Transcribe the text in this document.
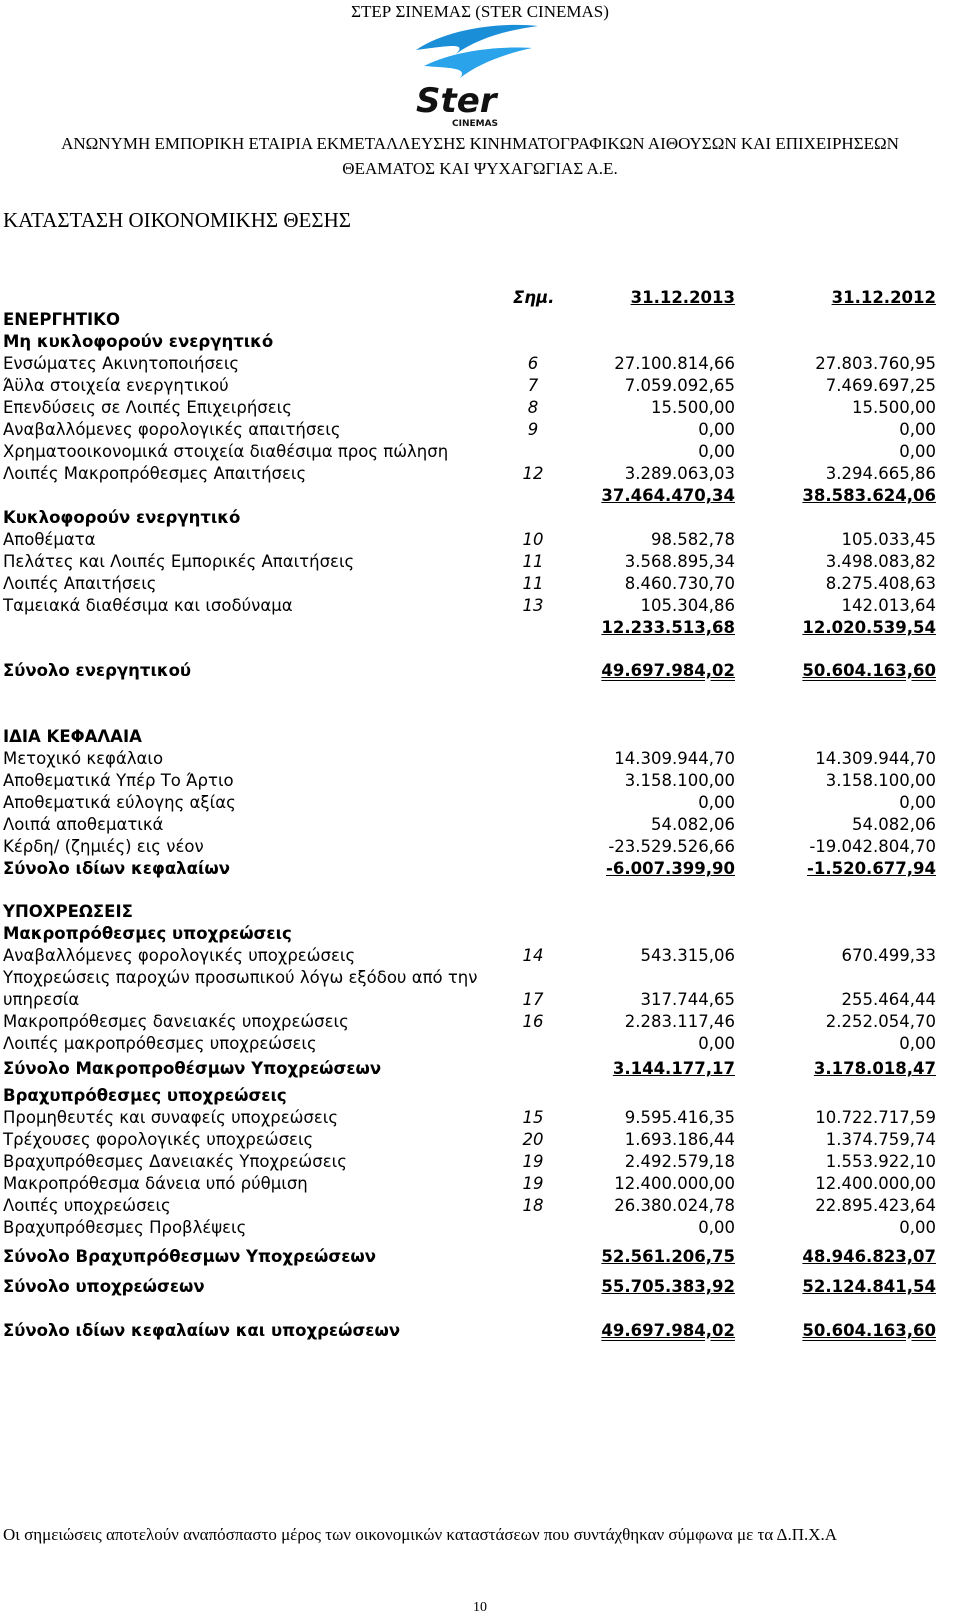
ΣΤΕΡ ΣΙΝΕΜΑΣ (STER CINEMAS)
Ster
CINEMAS
ΑΝΩΝΥΜΗ ΕΜΠΟΡΙΚΗ ΕΤΑΙΡΙΑ ΕΚΜΕΤΑΛΛΕΥΣΗΣ ΚΙΝΗΜΑΤΟΓΡΑΦΙΚΩΝ ΑΙΘΟΥΣΩΝ ΚΑΙ ΕΠΙΧΕΙΡΗΣΕΩΝ
ΘΕΑΜΑΤΟΣ ΚΑΙ ΨΥΧΑΓΩΓΙΑΣ Α.Ε.
ΚΑΤΑΣΤΑΣΗ ΟΙΚΟΝΟΜΙΚΗΣ ΘΕΣΗΣ
Σημ.	31.12.2013	31.12.2012
ΕΝΕΡΓΗΤΙΚΟ
Μη κυκλοφορούν ενεργητικό
Ενσώματες Ακινητοποιήσεις	6	27.100.814,66	27.803.760,95
Άϋλα στοιχεία ενεργητικού	7	7.059.092,65	7.469.697,25
Επενδύσεις σε Λοιπές Επιχειρήσεις	8	15.500,00	15.500,00
Αναβαλλόμενες φορολογικές απαιτήσεις	9	0,00	0,00
Χρηματοοικονομικά στοιχεία διαθέσιμα προς πώληση	0,00	0,00
Λοιπές Μακροπρόθεσμες Απαιτήσεις	12	3.289.063,03	3.294.665,86
37.464.470,34	38.583.624,06
Κυκλοφορούν ενεργητικό
Αποθέματα	10	98.582,78	105.033,45
Πελάτες και Λοιπές Εμπορικές Απαιτήσεις	11	3.568.895,34	3.498.083,82
Λοιπές Απαιτήσεις	11	8.460.730,70	8.275.408,63
Ταμειακά διαθέσιμα και ισοδύναμα	13	105.304,86	142.013,64
12.233.513,68	12.020.539,54
Σύνολο ενεργητικού	49.697.984,02	50.604.163,60
ΙΔΙΑ ΚΕΦΑΛΑΙΑ
Μετοχικό κεφάλαιο	14.309.944,70	14.309.944,70
Αποθεματικά Υπέρ Το Άρτιο	3.158.100,00	3.158.100,00
Αποθεματικά εύλογης αξίας	0,00	0,00
Λοιπά αποθεματικά	54.082,06	54.082,06
Κέρδη/ (ζημιές) εις νέον	-23.529.526,66	-19.042.804,70
Σύνολο ιδίων κεφαλαίων	-6.007.399,90	-1.520.677,94
ΥΠΟΧΡΕΩΣΕΙΣ
Μακροπρόθεσμες υποχρεώσεις
Αναβαλλόμενες φορολογικές υποχρεώσεις	14	543.315,06	670.499,33
Υποχρεώσεις παροχών προσωπικού λόγω εξόδου από την
υπηρεσία	17	317.744,65	255.464,44
Μακροπρόθεσμες δανειακές υποχρεώσεις	16	2.283.117,46	2.252.054,70
Λοιπές μακροπρόθεσμες υποχρεώσεις	0,00	0,00
Σύνολο Μακροπροθέσμων Υποχρεώσεων	3.144.177,17	3.178.018,47
Βραχυπρόθεσμες υποχρεώσεις
Προμηθευτές και συναφείς υποχρεώσεις	15	9.595.416,35	10.722.717,59
Τρέχουσες φορολογικές υποχρεώσεις	20	1.693.186,44	1.374.759,74
Βραχυπρόθεσμες Δανειακές Υποχρεώσεις	19	2.492.579,18	1.553.922,10
Μακροπρόθεσμα δάνεια υπό ρύθμιση	19	12.400.000,00	12.400.000,00
Λοιπές υποχρεώσεις	18	26.380.024,78	22.895.423,64
Βραχυπρόθεσμες Προβλέψεις	0,00	0,00
Σύνολο Βραχυπρόθεσμων Υποχρεώσεων	52.561.206,75	48.946.823,07
Σύνολο υποχρεώσεων	55.705.383,92	52.124.841,54
Σύνολο ιδίων κεφαλαίων και υποχρεώσεων	49.697.984,02	50.604.163,60
Οι σημειώσεις αποτελούν αναπόσπαστο μέρος των οικονομικών καταστάσεων που συντάχθηκαν σύμφωνα με τα Δ.Π.Χ.Α
10
